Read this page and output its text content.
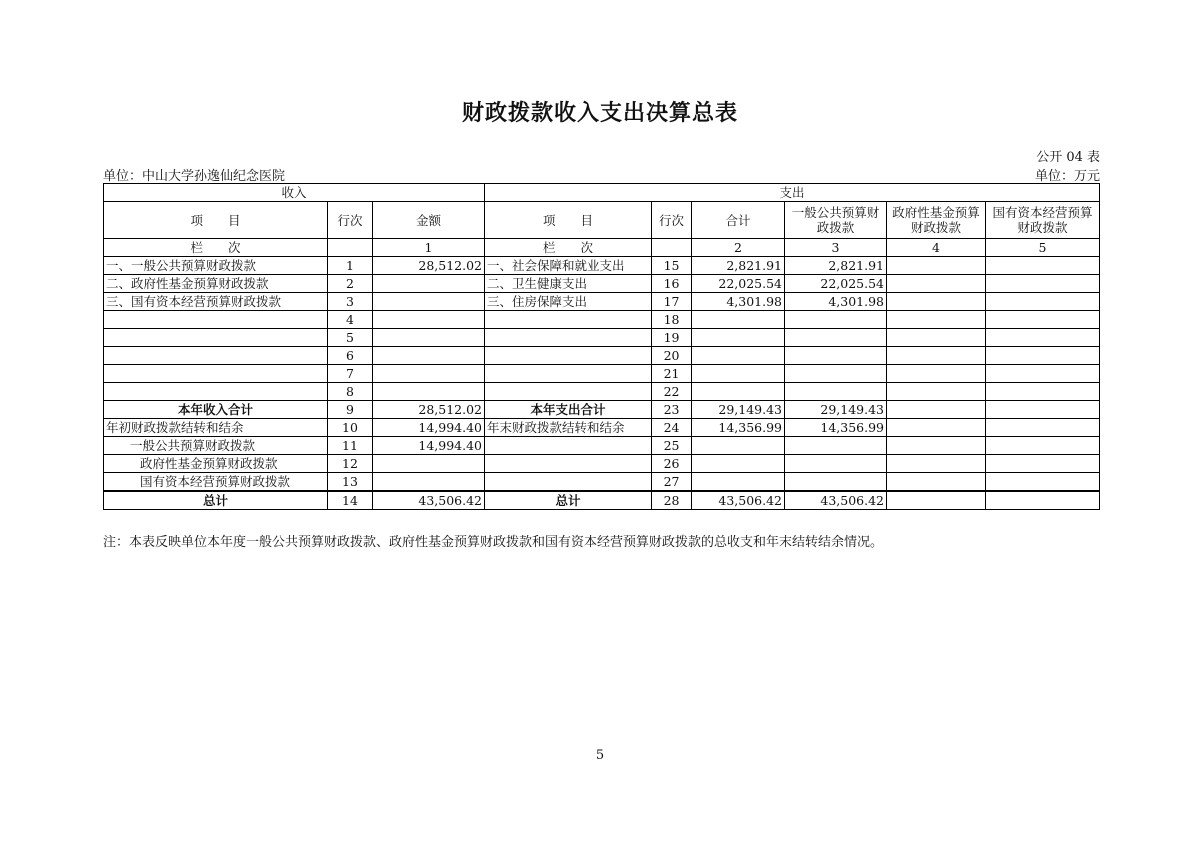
财政拨款收入支出决算总表
公开 04 表
单位：中山大学孙逸仙纪念医院	单位：万元
收入			支出					
项　　目	行次	金额	项　　目	行次	合计	一般公共预算财政拨款	政府性基金预算财政拨款	国有资本经营预算财政拨款
栏　　次		1	栏　　次		2	3	4	5
一、一般公共预算财政拨款	1	28,512.02	一、社会保障和就业支出	15	2,821.91	2,821.91		
二、政府性基金预算财政拨款	2		二、卫生健康支出	16	22,025.54	22,025.54		
三、国有资本经营预算财政拨款	3		三、住房保障支出	17	4,301.98	4,301.98		
	4			18				
	5			19				
	6			20				
	7			21				
	8			22				
本年收入合计	9	28,512.02	本年支出合计	23	29,149.43	29,149.43		
年初财政拨款结转和结余	10	14,994.40	年末财政拨款结转和结余	24	14,356.99	14,356.99		
一般公共预算财政拨款	11	14,994.40		25				
政府性基金预算财政拨款	12			26				
国有资本经营预算财政拨款	13			27				
总计	14	43,506.42	总计	28	43,506.42	43,506.42		
注：本表反映单位本年度一般公共预算财政拨款、政府性基金预算财政拨款和国有资本经营预算财政拨款的总收支和年末结转结余情况。
5
